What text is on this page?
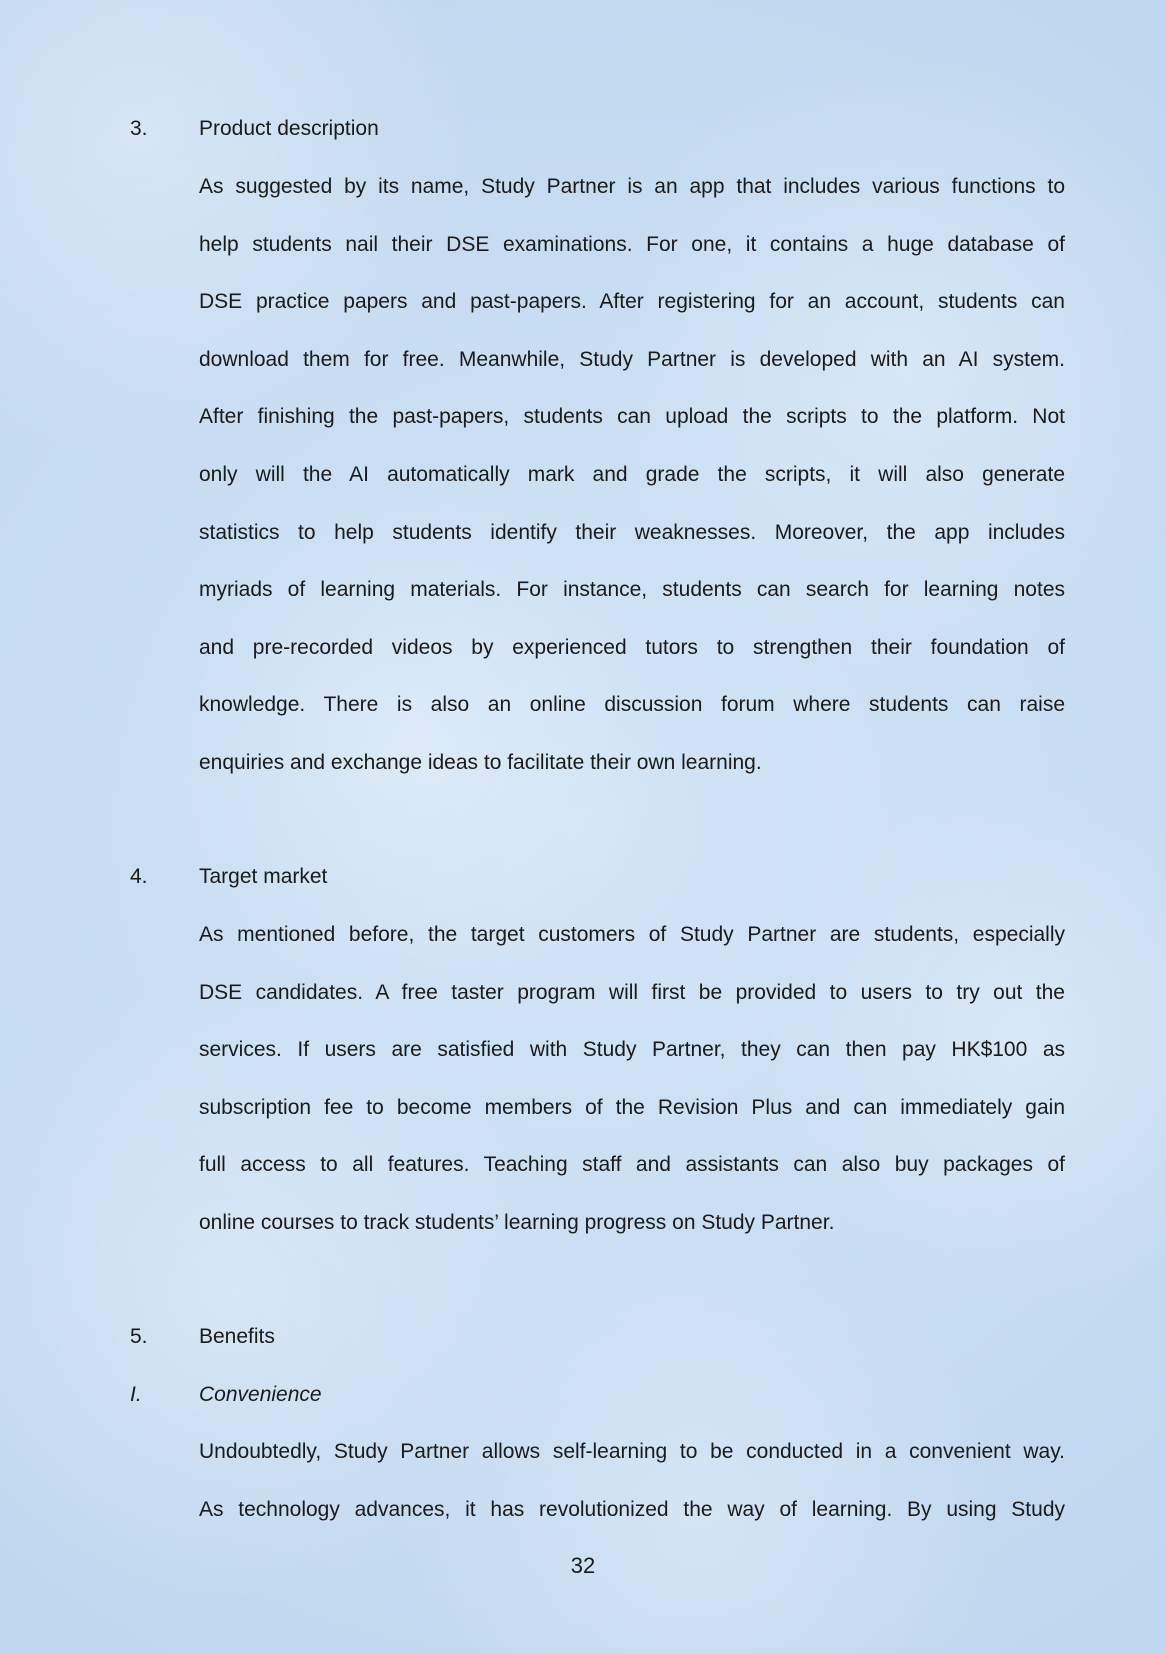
3. Product description
As suggested by its name, Study Partner is an app that includes various functions to
help students nail their DSE examinations. For one, it contains a huge database of
DSE practice papers and past-papers. After registering for an account, students can
download them for free. Meanwhile, Study Partner is developed with an AI system.
After finishing the past-papers, students can upload the scripts to the platform. Not
only will the AI automatically mark and grade the scripts, it will also generate
statistics to help students identify their weaknesses. Moreover, the app includes
myriads of learning materials. For instance, students can search for learning notes
and pre-recorded videos by experienced tutors to strengthen their foundation of
knowledge. There is also an online discussion forum where students can raise
enquiries and exchange ideas to facilitate their own learning.
4. Target market
As mentioned before, the target customers of Study Partner are students, especially
DSE candidates. A free taster program will first be provided to users to try out the
services. If users are satisfied with Study Partner, they can then pay HK$100 as
subscription fee to become members of the Revision Plus and can immediately gain
full access to all features. Teaching staff and assistants can also buy packages of
online courses to track students’ learning progress on Study Partner.
5. Benefits
I.	Convenience
Undoubtedly, Study Partner allows self-learning to be conducted in a convenient way.
As technology advances, it has revolutionized the way of learning. By using Study
32
